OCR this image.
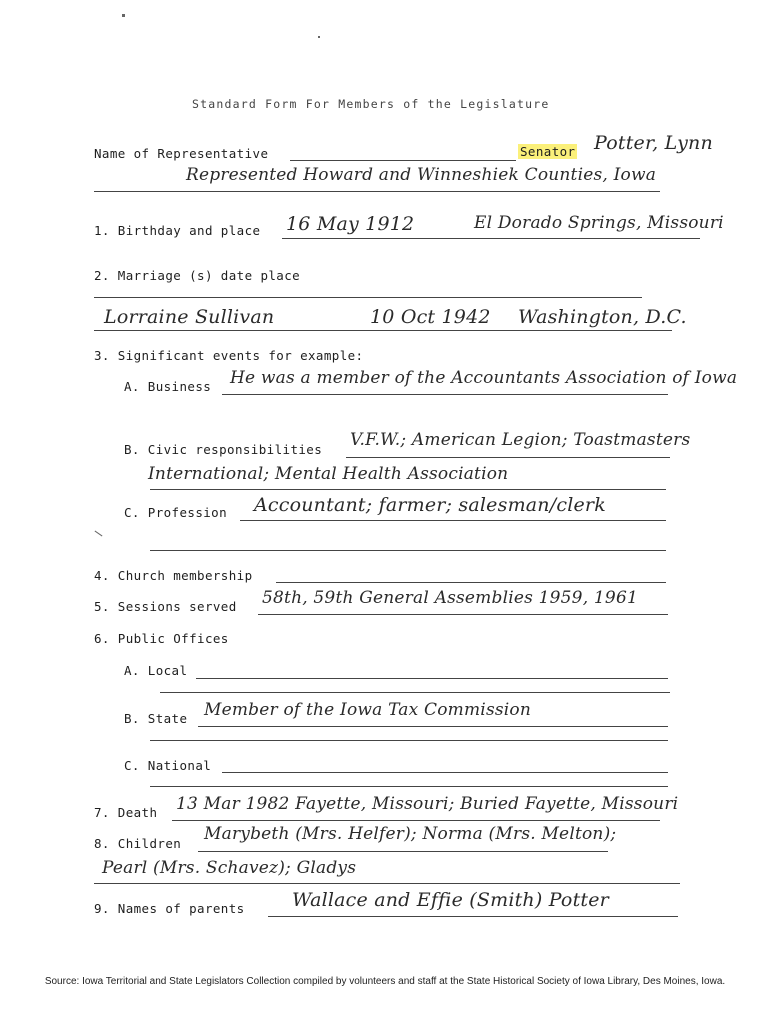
Standard Form For Members of the Legislature
Name of Representative	Senator Potter, Lynn
Represented Howard and Winneshiek Counties, Iowa
1. Birthday and place 16 May 1912	El Dorado Springs, Missouri
2. Marriage (s) date place
Lorraine Sullivan	10 Oct 1942 Washington, D.C.
3. Significant events for example:
A. Business He was a member of the Accountants Association of Iowa
B. Civic responsibilities V.F.W.; American Legion; Toastmasters
International; Mental Health Association
C. Profession Accountant; farmer; salesman/clerk
4. Church membership
5. Sessions served 58th, 59th General Assemblies 1959, 1961
6. Public Offices
A. Local
B. State Member of the Iowa Tax Commission
C. National
7. Death 13 Mar 1982 Fayette, Missouri; Buried Fayette, Missouri
8. Children Marybeth (Mrs. Helfer); Norma (Mrs. Melton);
Pearl (Mrs. Schavez); Gladys
9. Names of parents Wallace and Effie (Smith) Potter
Source: Iowa Territorial and State Legislators Collection compiled by volunteers and staff at the State Historical Society of Iowa Library, Des Moines, Iowa.
